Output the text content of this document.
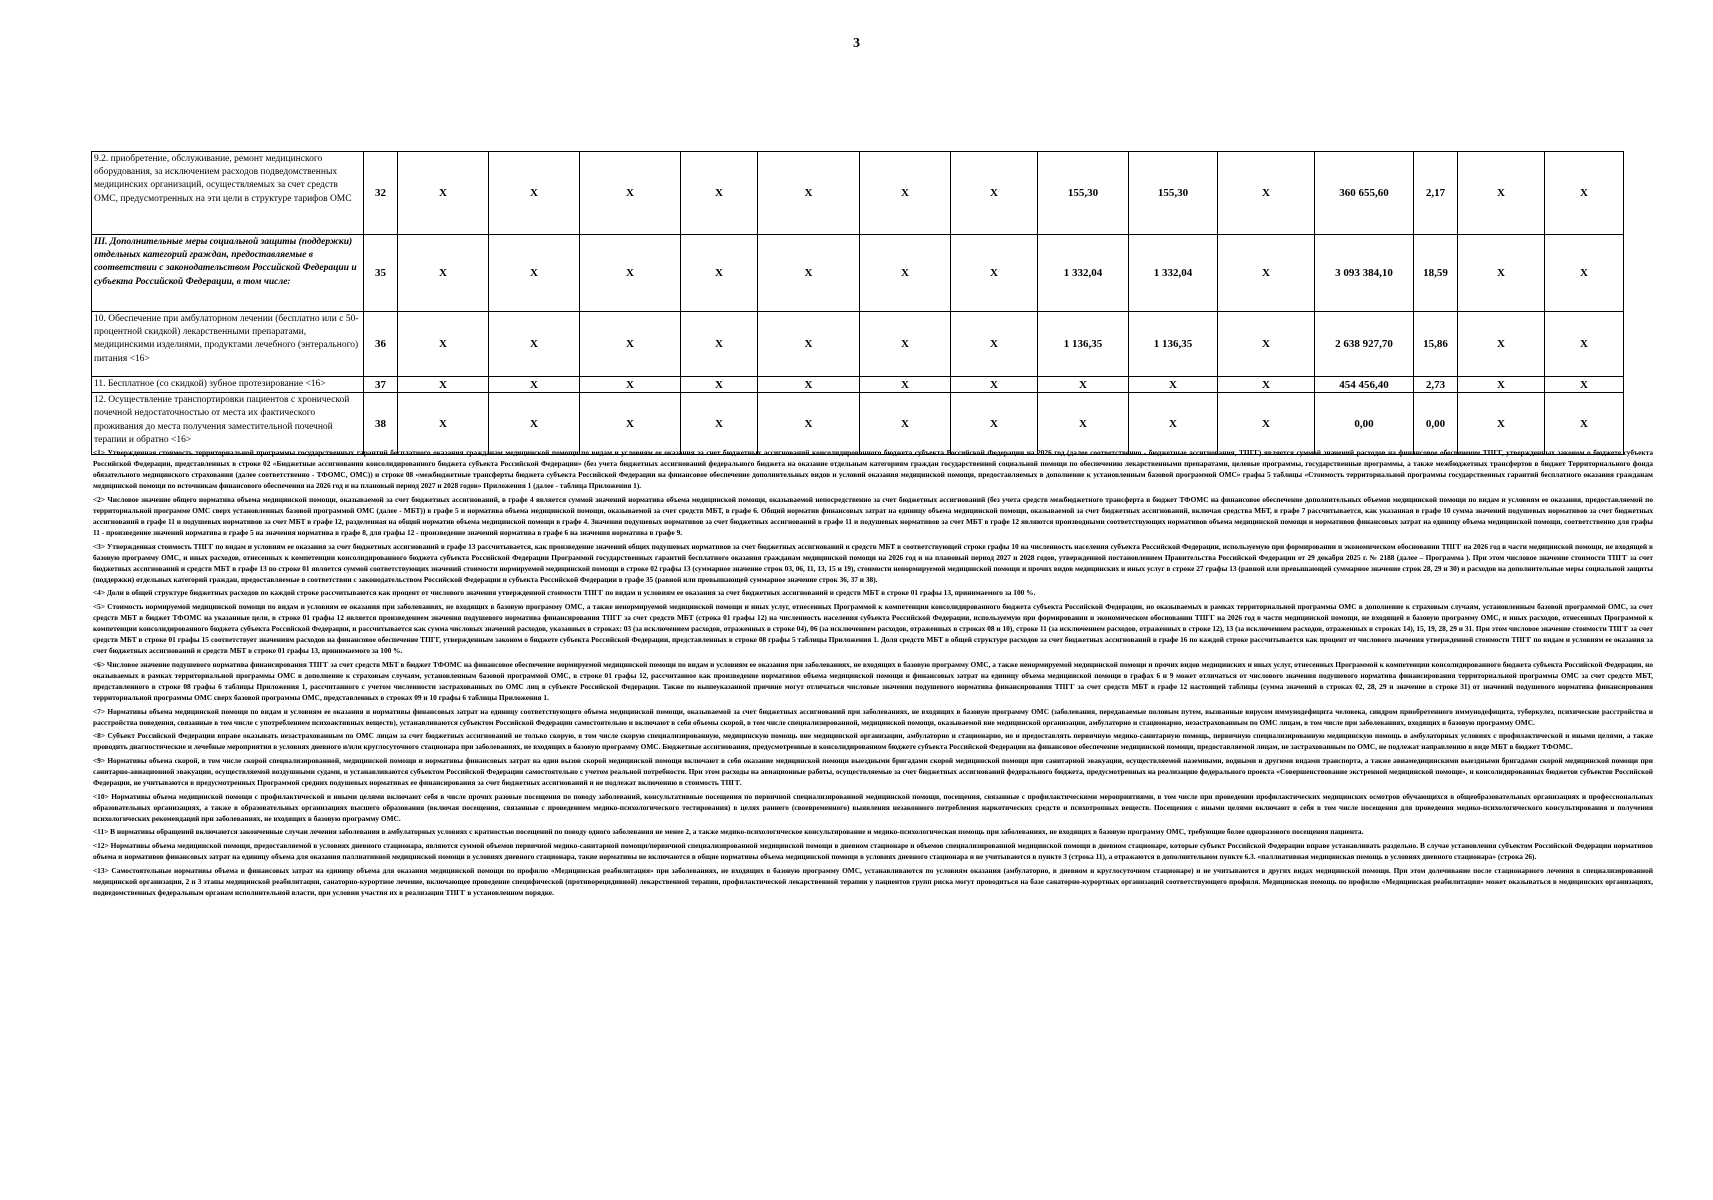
3
9.2. приобретение, обслуживание, ремонт медицинского оборудования, за исключением расходов подведомственных медицинских организаций, осуществляемых за счет средств ОМС, предусмотренных на эти цели в структуре тарифов ОМС	32	X	X	X	X	X	X	X	155,30	155,30	X	360 655,60	2,17	X	X
III. Дополнительные меры социальной защиты (поддержки) отдельных категорий граждан, предоставляемые в соответствии с законодательством Российской Федерации и субъекта Российской Федерации, в том числе:	35	X	X	X	X	X	X	X	1 332,04	1 332,04	X	3 093 384,10	18,59	X	X
10. Обеспечение при амбулаторном лечении (бесплатно или с 50- процентной скидкой) лекарственными препаратами, медицинскими изделиями, продуктами лечебного (энтерального) питания <16>	36	X	X	X	X	X	X	X	1 136,35	1 136,35	X	2 638 927,70	15,86	X	X
11. Бесплатное (со скидкой) зубное протезирование <16>	37	X	X	X	X	X	X	X	X	X	X	454 456,40	2,73	X	X
12. Осуществление транспортировки пациентов с хронической почечной недостаточностью от места их фактического проживания до места получения заместительной почечной терапии и обратно <16>	38	X	X	X	X	X	X	X	X	X	X	0,00	0,00	X	X

<1> Утвержденная стоимость территориальной программы государственных гарантий бесплатного оказания гражданам медицинской помощи по видам и условиям ее оказания за счет бюджетных ассигнований консолидированного бюджета субъекта Российской Федерации на 2026 год (далее соответственно - бюджетные ассигнования, ТПГГ) является суммой значений расходов на финансовое обеспечение ТПГГ, утвержденных законом о бюджете субъекта Российской Федерации, представленных в строке 02 «Бюджетные ассигнования консолидированного бюджета субъекта Российской Федерации» (без учета бюджетных ассигнований федерального бюджета на оказание отдельным категориям граждан государственной социальной помощи по обеспечению лекарственными препаратами, целевые программы, государственные программы, а также межбюджетных трансфертов в бюджет Территориального фонда обязательного медицинского страхования (далее соответственно - ТФОМС, ОМС)) и строке 08 «межбюджетные трансферты бюджета субъекта Российской Федерации на финансовое обеспечение дополнительных видов и условий оказания медицинской помощи, предоставляемых в дополнение к установленным базовой программой ОМС» графы 5 таблицы «Стоимость территориальной программы государственных гарантий бесплатного оказания гражданам медицинской помощи по источникам финансового обеспечения на 2026 год и на плановый период 2027 и 2028 годов» Приложения 1 (далее - таблица Приложения 1).

<2> Числовое значение общего норматива объема медицинской помощи, оказываемой за счет бюджетных ассигнований, в графе 4 является суммой значений норматива объема медицинской помощи, оказываемой непосредственно за счет бюджетных ассигнований (без учета средств межбюджетного трансферта в бюджет ТФОМС на финансовое обеспечение дополнительных объемов медицинской помощи по видам и условиям ее оказания, предоставляемой по территориальной программе ОМС сверх установленных базовой программой ОМС (далее - МБТ)) в графе 5 и норматива объема медицинской помощи, оказываемой за счет средств МБТ, в графе 6. Общий норматив финансовых затрат на единицу объема медицинской помощи, оказываемой за счет бюджетных ассигнований, включая средства МБТ, в графе 7 рассчитывается, как указанная в графе 10 сумма значений подушевых нормативов за счет бюджетных ассигнований в графе 11 и подушевых нормативов за счет МБТ в графе 12, разделенная на общий норматив объема медицинской помощи в графе 4. Значения подушевых нормативов за счет бюджетных ассигнований в графе 11 и подушевых нормативов за счет МБТ в графе 12 являются производными соответствующих нормативов объема медицинской помощи и нормативов финансовых затрат на единицу объема медицинской помощи, соответственно для графы 11 - произведение значений норматива в графе 5 на значения норматива в графе 8, для графы 12 - произведение значений норматива в графе 6 на значения норматива в графе 9.

<3> Утвержденная стоимость ТПГГ по видам и условиям ее оказания за счет бюджетных ассигнований в графе 13 рассчитывается, как произведение значений общих подушевых нормативов за счет бюджетных ассигнований и средств МБТ в соответствующей строке графы 10 на численность населения субъекта Российской Федерации, используемую при формировании и экономическом обосновании ТПГГ на 2026 год в части медицинской помощи, не входящей в базовую программу ОМС, и иных расходов, отнесенных к компетенции консолидированного бюджета субъекта Российской Федерации Программой государственных гарантий бесплатного оказания гражданам медицинской помощи на 2026 год и на плановый период 2027 и 2028 годов, утвержденной постановлением Правительства Российской Федерации от 29 декабря 2025 г. № 2188 (далее – Программа ). При этом числовое значение стоимости ТПГГ за счет бюджетных ассигнований и средств МБТ в графе 13 по строке 01 является суммой соответствующих значений стоимости нормируемой медицинской помощи в строке 02 графы 13 (суммарное значение строк 03, 06, 11, 13, 15 и 19), стоимости ненормируемой медицинской помощи и прочих видов медицинских и иных услуг в строке 27 графы 13 (равной или превышающей суммарное значение строк 28, 29 и 30) и расходов на дополнительные меры социальной защиты (поддержки) отдельных категорий граждан, предоставляемые в соответствии с законодательством Российской Федерации и субъекта Российской Федерации в графе 35 (равной или превышающей суммарное значение строк 36, 37 и 38).

<4> Доли в общей структуре бюджетных расходов по каждой строке рассчитываются как процент от числового значения утвержденной стоимости ТПГГ по видам и условиям ее оказания за счет бюджетных ассигнований и средств МБТ в строке 01 графы 13, принимаемого за 100 %.

<5> Стоимость нормируемой медицинской помощи по видам и условиям ее оказания при заболеваниях, не входящих в базовую программу ОМС, а также ненормируемой медицинской помощи и иных услуг, отнесенных Программой к компетенции консолидированного бюджета субъекта Российской Федерации, но оказываемых в рамках территориальной программы ОМС в дополнение к страховым случаям, установленным базовой программой ОМС, за счет средств МБТ в бюджет ТФОМС на указанные цели, в строке 01 графы 12 является произведением значения подушевого норматива финансирования ТПГГ за счет средств МБТ (строка 01 графы 12) на численность населения субъекта Российской Федерации, используемую при формировании и экономическом обосновании ТПГГ на 2026 год в части медицинской помощи, не входящей в базовую программу ОМС, и иных расходов, отнесенных Программой к компетенции консолидированного бюджета субъекта Российской Федерации, и рассчитывается как сумма числовых значений расходов, указанных в строках: 03 (за исключением расходов, отраженных в строке 04), 06 (за исключением расходов, отраженных в строках 08 и 10), строке 11 (за исключением расходов, отраженных в строке 12), 13 (за исключением расходов, отраженных в строках 14), 15, 19, 28, 29 и 31. При этом числовое значение стоимости ТПГГ за счет средств МБТ в строке 01 графы 15 соответствует значениям расходов на финансовое обеспечение ТПГГ, утвержденным законом о бюджете субъекта Российской Федерации, представленных в строке 08 графы 5 таблицы Приложения 1. Доля средств МБТ в общей структуре расходов за счет бюджетных ассигнований в графе 16 по каждой строке рассчитывается как процент от числового значения утвержденной стоимости ТПГГ по видам и условиям ее оказания за счет бюджетных ассигнований и средств МБТ в строке 01 графы 13, принимаемого за 100 %.

<6> Числовое значение подушевого норматива финансирования ТПГГ за счет средств МБТ в бюджет ТФОМС на финансовое обеспечение нормируемой медицинской помощи по видам и условиям ее оказания при заболеваниях, не входящих в базовую программу ОМС, а также ненормируемой медицинской помощи и прочих видов медицинских и иных услуг, отнесенных Программой к компетенции консолидированного бюджета субъекта Российской Федерации, но оказываемых в рамках территориальной программы ОМС в дополнение к страховым случаям, установленным базовой программой ОМС, в строке 01 графы 12, рассчитанное как произведение нормативов объема медицинской помощи и финансовых затрат на единицу объема медицинской помощи в графах 6 и 9 может отличаться от числового значения подушевого норматива финансирования территориальной программы ОМС за счет средств МБТ, представленного в строке 08 графы 6 таблицы Приложения 1, рассчитанного с учетом численности застрахованных по ОМС лиц в субъекте Российской Федерации. Также по вышеуказанной причине могут отличаться числовые значения подушевого норматива финансирования ТПГГ за счет средств МБТ в графе 12 настоящей таблицы (сумма значений в строках 02, 28, 29 и значение в строке 31) от значений подушевого норматива финансирования территориальной программы ОМС сверх базовой программы ОМС, представленных в строках 09 и 10 графы 6 таблицы Приложения 1.

<7> Нормативы объема медицинской помощи по видам и условиям ее оказания и нормативы финансовых затрат на единицу соответствующего объема медицинской помощи, оказываемой за счет бюджетных ассигнований при заболеваниях, не входящих в базовую программу ОМС (заболевания, передаваемые половым путем, вызванные вирусом иммунодефицита человека, синдром приобретенного иммунодефицита, туберкулез, психические расстройства и расстройства поведения, связанные в том числе с употреблением психоактивных веществ), устанавливаются субъектом Российской Федерации самостоятельно и включают в себя объемы скорой, в том числе специализированной, медицинской помощи, оказываемой вне медицинской организации, амбулаторно и стационарно, незастрахованным по ОМС лицам, в том числе при заболеваниях, входящих в базовую программу ОМС.

<8> Субъект Российской Федерации вправе оказывать незастрахованным по ОМС лицам за счет бюджетных ассигнований не только скорую, в том числе скорую специализированную, медицинскую помощь вне медицинской организации, амбулаторно и стационарно, но и предоставлять первичную медико-санитарную помощь, первичную специализированную медицинскую помощь в амбулаторных условиях с профилактической и иными целями, а также проводить диагностические и лечебные мероприятия в условиях дневного и/или круглосуточного стационара при заболеваниях, не входящих в базовую программу ОМС. Бюджетные ассигнования, предусмотренные в консолидированном бюджете субъекта Российской Федерации на финансовое обеспечение медицинской помощи, предоставляемой лицам, не застрахованным по ОМС, не подлежат направлению в виде МБТ в бюджет ТФОМС.

<9> Нормативы объема скорой, в том числе скорой специализированной, медицинской помощи и нормативы финансовых затрат на один вызов скорой медицинской помощи включают в себя оказание медицинской помощи выездными бригадами скорой медицинской помощи при санитарной эвакуации, осуществляемой наземными, водными и другими видами транспорта, а также авиамедицинскими выездными бригадами скорой медицинской помощи при санитарно-авиационной эвакуации, осуществляемой воздушными судами, и устанавливаются субъектом Российской Федерации самостоятельно с учетом реальной потребности. При этом расходы на авиационные работы, осуществляемые за счет бюджетных ассигнований федерального бюджета, предусмотренных на реализацию федерального проекта «Совершенствование экстренной медицинской помощи», и консолидированных бюджетов субъектов Российской Федерации, не учитываются в предусмотренных Программой средних подушевых нормативах ее финансирования за счет бюджетных ассигнований и не подлежат включению в стоимость ТПГГ.

<10> Нормативы объема медицинской помощи с профилактической и иными целями включают себя в числе прочих разовые посещения по поводу заболеваний, консультативные посещения по первичной специализированной медицинской помощи, посещения, связанные с профилактическими мероприятиями, в том числе при проведении профилактических медицинских осмотров обучающихся в общеобразовательных организациях и профессиональных образовательных организациях, а также в образовательных организациях высшего образования (включая посещения, связанные с проведением медико-психологического тестирования) в целях раннего (своевременного) выявления незаконного потребления наркотических средств и психотропных веществ. Посещения с иными целями включают в себя в том числе посещения для проведения медико-психологического консультирования и получения психологических рекомендаций при заболеваниях, не входящих в базовую программу ОМС.

<11> В нормативы обращений включаются законченные случаи лечения заболевания в амбулаторных условиях с кратностью посещений по поводу одного заболевания не менее 2, а также медико-психологическое консультирование и медико-психологическая помощь при заболеваниях, не входящих в базовую программу ОМС, требующие более одноразового посещения пациента.

<12> Нормативы объема медицинской помощи, предоставляемой в условиях дневного стационара, являются суммой объемов первичной медико-санитарной помощи/первичной специализированной медицинской помощи в дневном стационаре и объемов специализированной медицинской помощи в дневном стационаре, которые субъект Российской Федерации вправе устанавливать раздельно. В случае установления субъектом Российской Федерации нормативов объема и нормативов финансовых затрат на единицу объема для оказания паллиативной медицинской помощи в условиях дневного стационара, такие нормативы не включаются в общие нормативы объема медицинской помощи в условиях дневного стационара и не учитываются в пункте 3 (строка 11), а отражаются в дополнительном пункте 6.3. «паллиативная медицинская помощь в условиях дневного стационара» (строка 26).

<13> Самостоятельные нормативы объема и финансовых затрат на единицу объема для оказания медицинской помощи по профилю «Медицинская реабилитация» при заболеваниях, не входящих в базовую программу ОМС, устанавливаются по условиям оказания (амбулаторно, в дневном и круглосуточном стационаре) и не учитываются в других видах медицинской помощи. При этом долечивание после стационарного лечения в специализированной медицинской организации, 2 и 3 этапы медицинской реабилитации, санаторно-курортное лечение, включающее проведение специфической (противорецидивной) лекарственной терапии, профилактической лекарственной терапии у пациентов групп риска могут проводиться на базе санаторно-курортных организаций соответствующего профиля. Медицинская помощь по профилю «Медицинская реабилитация» может оказываться в медицинских организациях, подведомственных федеральным органам исполнительной власти, при условии участия их в реализации ТПГГ в установленном порядке.
